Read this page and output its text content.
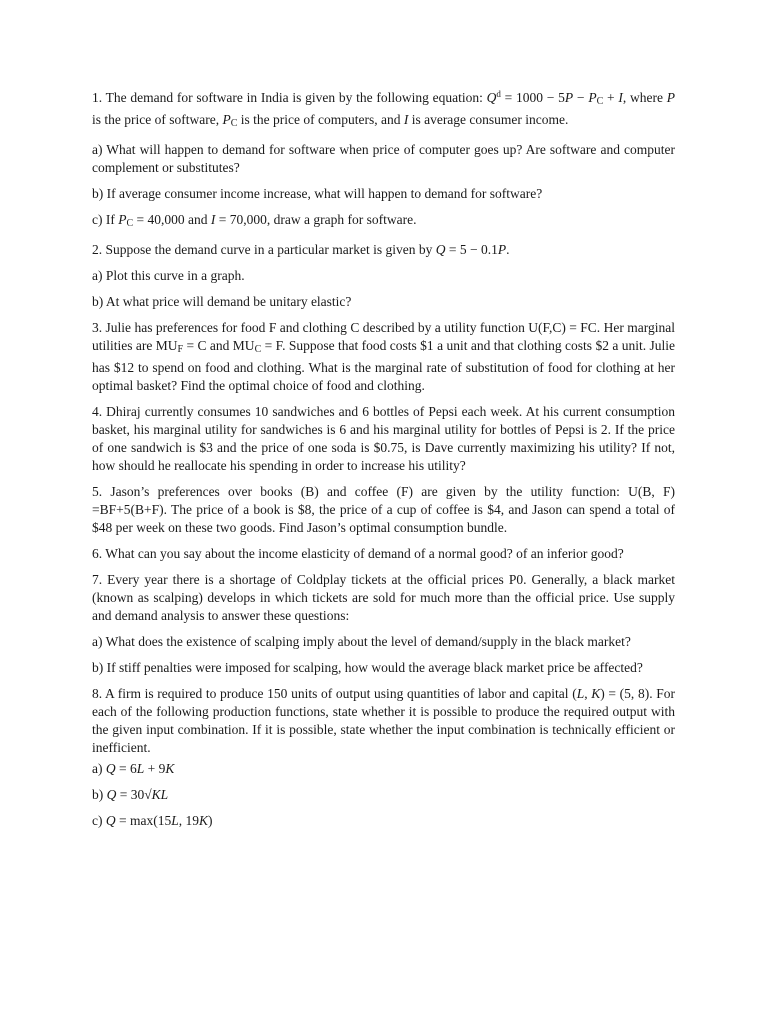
1. The demand for software in India is given by the following equation: $Q^d = 1000 - 5P - P_C + I$, where P is the price of software, $P_C$ is the price of computers, and I is average consumer income.

a) What will happen to demand for software when price of computer goes up? Are software and computer complement or substitutes?

b) If average consumer income increase, what will happen to demand for software?

c) If $P_C = 40,000$ and I = 70,000, draw a graph for software.

2. Suppose the demand curve in a particular market is given by Q = 5 − 0.1P.

a) Plot this curve in a graph.

b) At what price will demand be unitary elastic?

3. Julie has preferences for food F and clothing C described by a utility function U(F,C) = FC. Her marginal utilities are $MU_F = C$ and $MU_C = F$. Suppose that food costs $1 a unit and that clothing costs $2 a unit. Julie has $12 to spend on food and clothing. What is the marginal rate of substitution of food for clothing at her optimal basket? Find the optimal choice of food and clothing.

4. Dhiraj currently consumes 10 sandwiches and 6 bottles of Pepsi each week. At his current consumption basket, his marginal utility for sandwiches is 6 and his marginal utility for bottles of Pepsi is 2. If the price of one sandwich is $3 and the price of one soda is $0.75, is Dave currently maximizing his utility? If not, how should he reallocate his spending in order to increase his utility?

5. Jason’s preferences over books (B) and coffee (F) are given by the utility function: U(B, F) =BF+5(B+F). The price of a book is $8, the price of a cup of coffee is $4, and Jason can spend a total of $48 per week on these two goods. Find Jason’s optimal consumption bundle.

6. What can you say about the income elasticity of demand of a normal good? of an inferior good?

7. Every year there is a shortage of Coldplay tickets at the official prices P0. Generally, a black market (known as scalping) develops in which tickets are sold for much more than the official price. Use supply and demand analysis to answer these questions:

a) What does the existence of scalping imply about the level of demand/supply in the black market?

b) If stiff penalties were imposed for scalping, how would the average black market price be affected?

8. A firm is required to produce 150 units of output using quantities of labor and capital (L, K) = (5, 8). For each of the following production functions, state whether it is possible to produce the required output with the given input combination. If it is possible, state whether the input combination is technically efficient or inefficient.

a) Q = 6L + 9K

b) Q = 30√KL

c) Q = max(15L, 19K)
